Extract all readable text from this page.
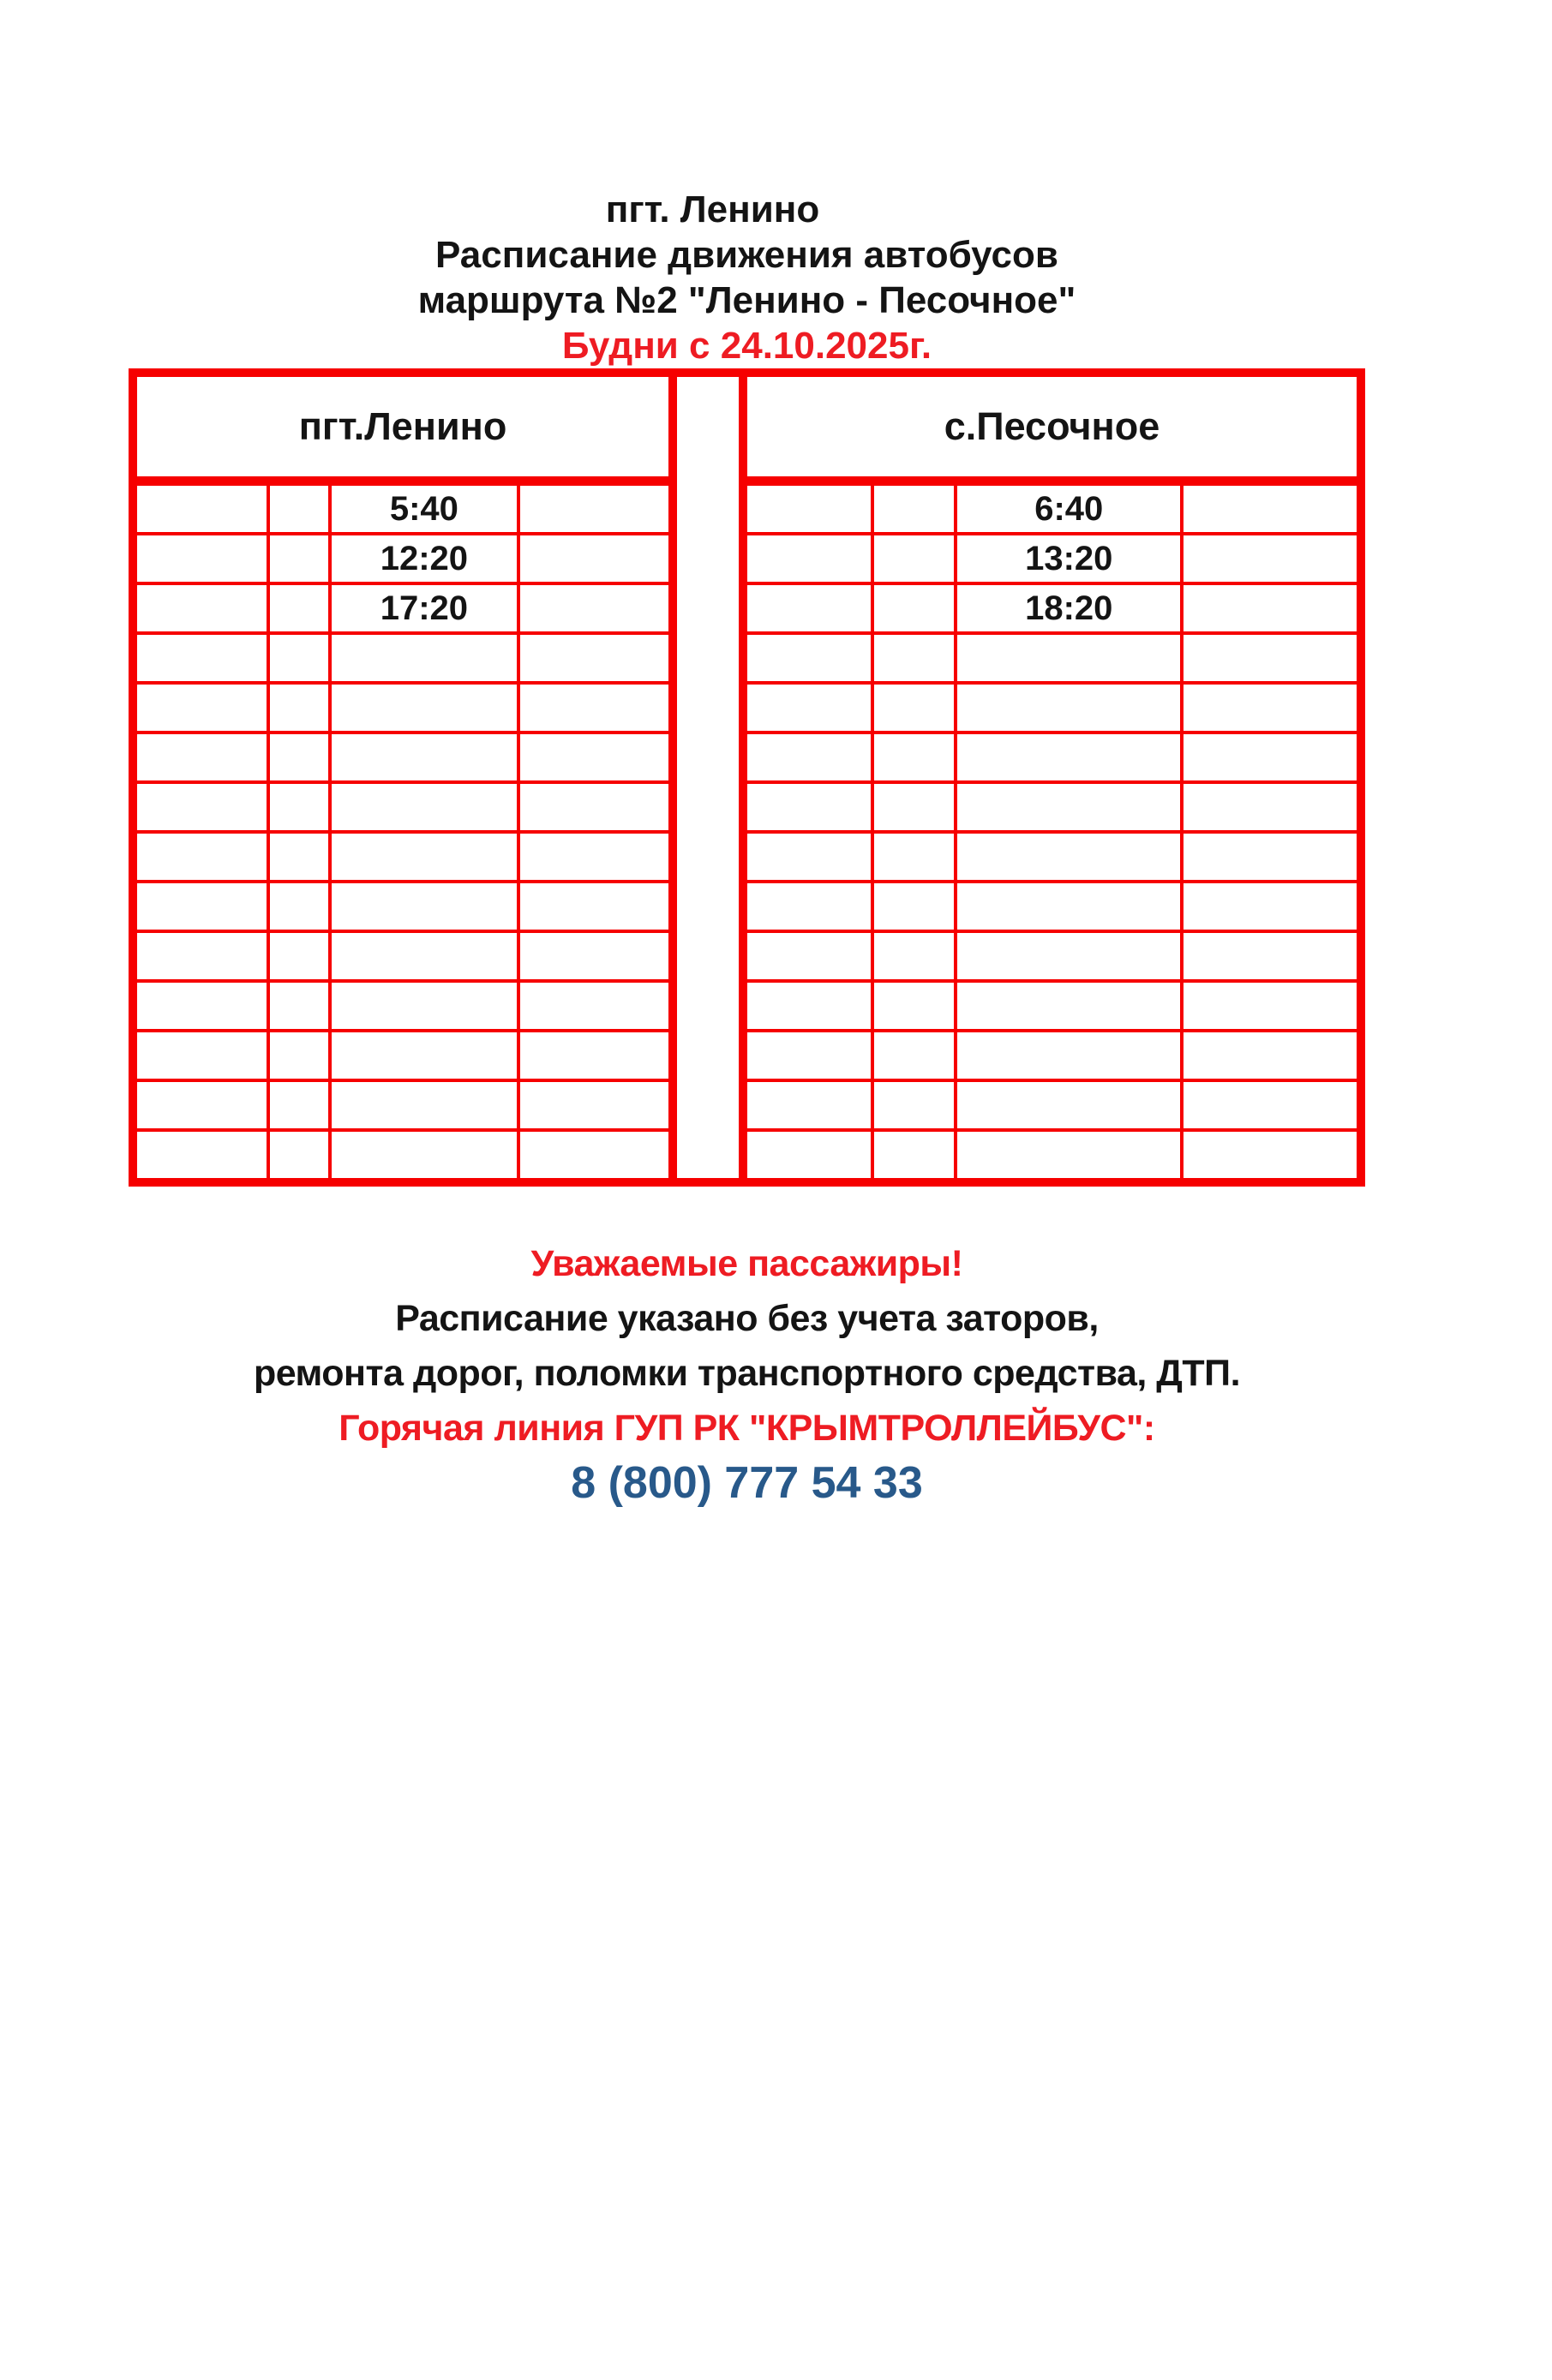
пгт. Ленино
Расписание движения автобусов
маршрута №2 "Ленино - Песочное"
Будни с 24.10.2025г.
пгт.Ленино			
		5:40	
		12:20	
		17:20	

с.Песочное			
		6:40	
		13:20	
		18:20	

Уважаемые пассажиры!
Расписание указано без учета заторов,
ремонта дорог, поломки транспортного средства, ДТП.
Горячая линия ГУП РК "КРЫМТРОЛЛЕЙБУС":
8 (800) 777 54 33
